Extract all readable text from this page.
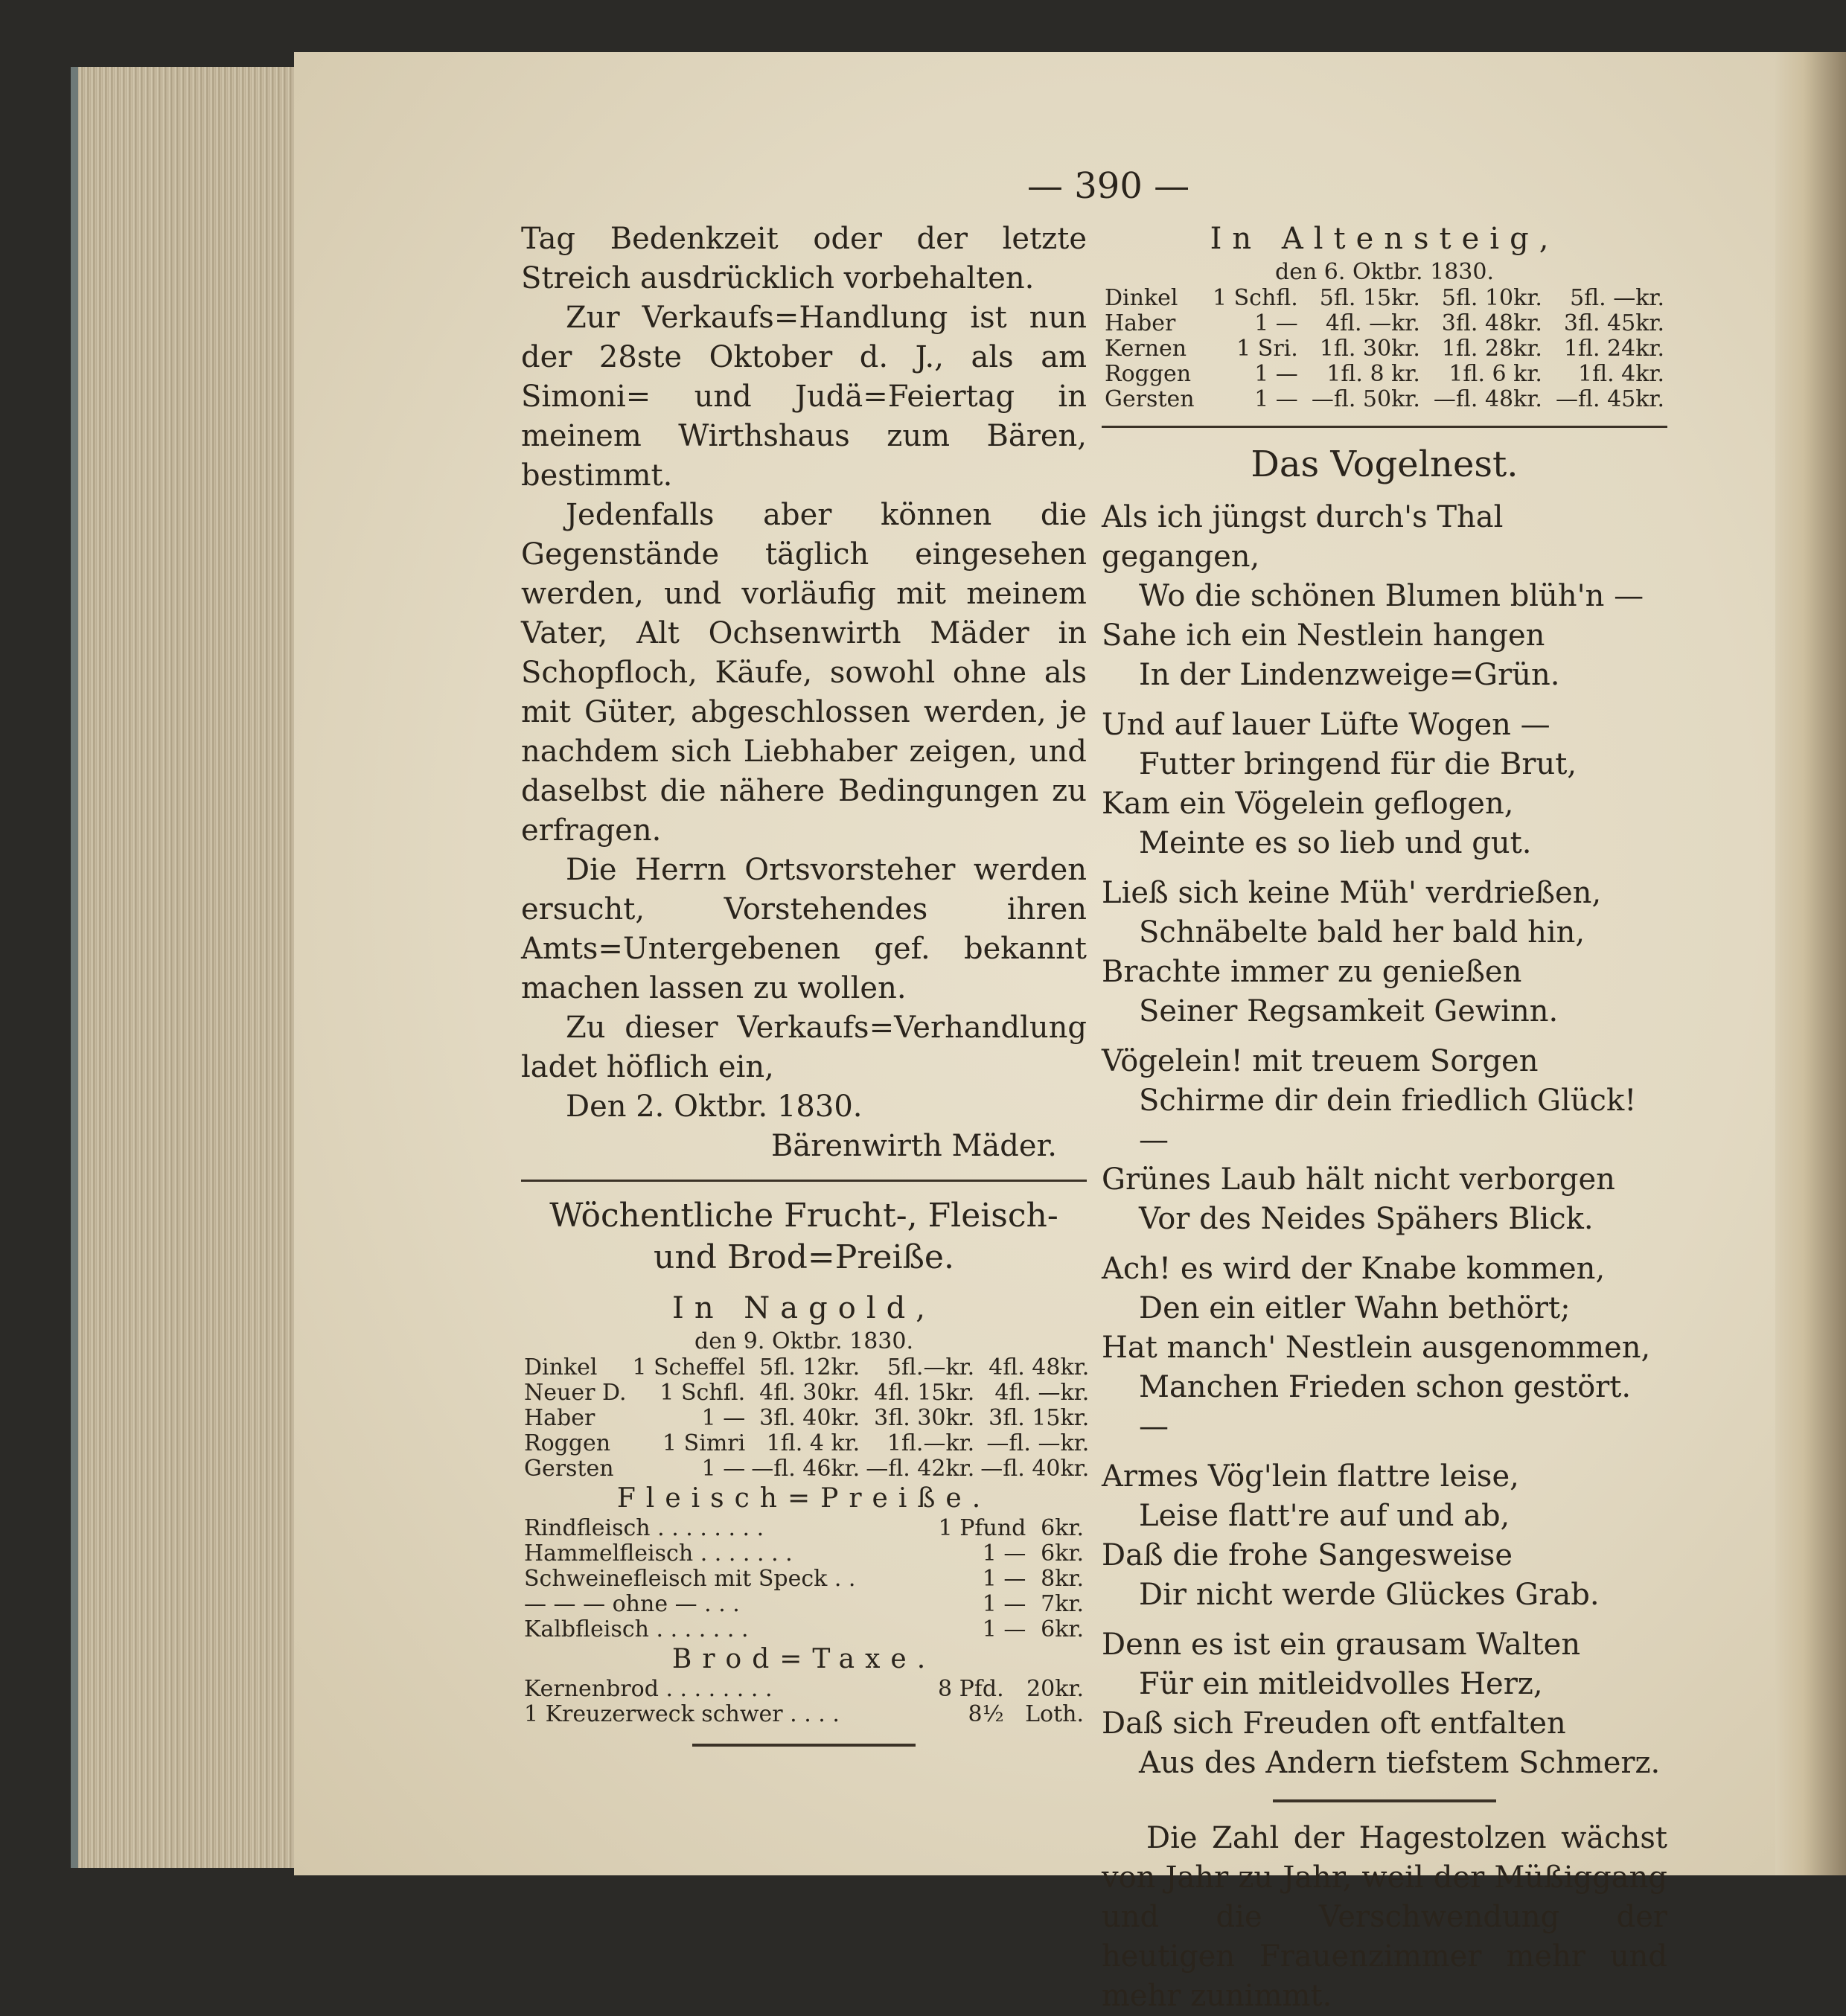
— 390 —

Tag Bedenkzeit oder der letzte Streich ausdrücklich vorbehalten.

Zur Verkaufs=Handlung ist nun der 28ste Oktober d. J., als am Simoni= und Judä=Feiertag in meinem Wirthshaus zum Bären, bestimmt.

Jedenfalls aber können die Gegenstände täglich eingesehen werden, und vorläufig mit meinem Vater, Alt Ochsenwirth Mäder in Schopfloch, Käufe, sowohl ohne als mit Güter, abgeschlossen werden, je nachdem sich Liebhaber zeigen, und daselbst die nähere Bedingungen zu erfragen.

Die Herrn Ortsvorsteher werden ersucht, Vorstehendes ihren Amts=Untergebenen gef. bekannt machen lassen zu wollen.

Zu dieser Verkaufs=Verhandlung ladet höflich ein,

Den 2. Oktbr. 1830.

Bärenwirth Mäder.

Wöchentliche Frucht-, Fleisch- und Brod=Preiße.

In Nagold,

den 9. Oktbr. 1830.

Dinkel	1 Scheffel	5fl. 12kr.	5fl.—kr.	4fl. 48kr.
Neuer D.	1 Schfl.	4fl. 30kr.	4fl. 15kr.	4fl. —kr.
Haber	1 —	3fl. 40kr.	3fl. 30kr.	3fl. 15kr.
Roggen	1 Simri	1fl. 4 kr.	1fl.—kr.	—fl. —kr.
Gersten	1 —	—fl. 46kr.	—fl. 42kr.	—fl. 40kr.

Fleisch=Preiße.

Rindfleisch . . . . . . . .	1 Pfund	6kr.
Hammelfleisch . . . . . . .	1 —	6kr.
Schweinefleisch mit Speck . .	1 —	8kr.
— — — ohne — . . .	1 —	7kr.
Kalbfleisch . . . . . . .	1 —	6kr.

Brod=Taxe.

Kernenbrod . . . . . . . .	8 Pfd.	20kr.
1 Kreuzerweck schwer . . . .	8½	Loth.

In Altensteig,

den 6. Oktbr. 1830.

Dinkel	1 Schfl.	5fl. 15kr.	5fl. 10kr.	5fl. —kr.
Haber	1 —	4fl. —kr.	3fl. 48kr.	3fl. 45kr.
Kernen	1 Sri.	1fl. 30kr.	1fl. 28kr.	1fl. 24kr.
Roggen	1 —	1fl. 8 kr.	1fl. 6 kr.	1fl. 4kr.
Gersten	1 —	—fl. 50kr.	—fl. 48kr.	—fl. 45kr.

Das Vogelnest.

Als ich jüngst durch's Thal gegangen,

Wo die schönen Blumen blüh'n —

Sahe ich ein Nestlein hangen

In der Lindenzweige=Grün.

Und auf lauer Lüfte Wogen —

Futter bringend für die Brut,

Kam ein Vögelein geflogen,

Meinte es so lieb und gut.

Ließ sich keine Müh' verdrießen,

Schnäbelte bald her bald hin,

Brachte immer zu genießen

Seiner Regsamkeit Gewinn.

Vögelein! mit treuem Sorgen

Schirme dir dein friedlich Glück! —

Grünes Laub hält nicht verborgen

Vor des Neides Spähers Blick.

Ach! es wird der Knabe kommen,

Den ein eitler Wahn bethört;

Hat manch' Nestlein ausgenommen,

Manchen Frieden schon gestört. —

Armes Vög'lein flattre leise,

Leise flatt're auf und ab,

Daß die frohe Sangesweise

Dir nicht werde Glückes Grab.

Denn es ist ein grausam Walten

Für ein mitleidvolles Herz,

Daß sich Freuden oft entfalten

Aus des Andern tiefstem Schmerz.

Die Zahl der Hagestolzen wächst von Jahr zu Jahr, weil der Müßiggang und die Verschwendung der heutigen Frauenzimmer mehr und mehr zunimmt.
